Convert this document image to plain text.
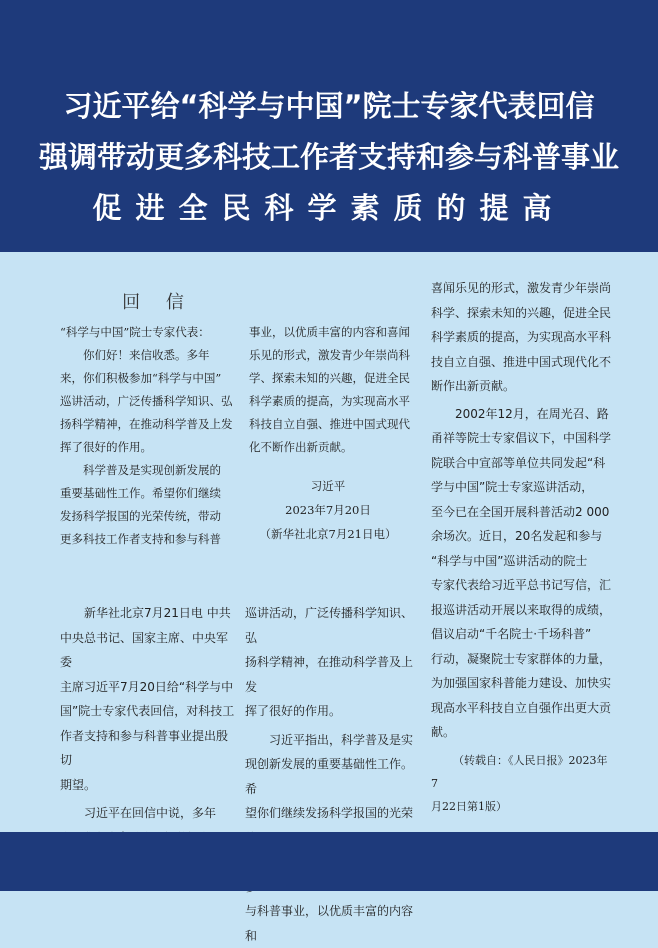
习近平给“科学与中国”院士专家代表回信
强调带动更多科技工作者支持和参与科普事业
促进全民科学素质的提高
回 信

“科学与中国”院士专家代表：

你们好！来信收悉。多年

来，你们积极参加“科学与中国”

巡讲活动，广泛传播科学知识、弘

扬科学精神，在推动科学普及上发

挥了很好的作用。

科学普及是实现创新发展的

重要基础性工作。希望你们继续

发扬科学报国的光荣传统，带动

更多科技工作者支持和参与科普

事业，以优质丰富的内容和喜闻

乐见的形式，激发青少年崇尚科

学、探索未知的兴趣，促进全民

科学素质的提高，为实现高水平

科技自立自强、推进中国式现代

化不断作出新贡献。

习近平
2023年7月20日
（新华社北京7月21日电）

新华社北京7月21日电 中共

中央总书记、国家主席、中央军委

主席习近平7月20日给“科学与中

国”院士专家代表回信，对科技工

作者支持和参与科普事业提出殷切

期望。

习近平在回信中说，多年

巡讲活动，广泛传播科学知识、弘

扬科学精神，在推动科学普及上发

挥了很好的作用。

习近平指出，科学普及是实

现创新发展的重要基础性工作。希

望你们继续发扬科学报国的光荣

与科普事业，以优质丰富的内容和

喜闻乐见的形式，激发青少年崇尚

科学、探索未知的兴趣，促进全民

科学素质的提高，为实现高水平科

技自立自强、推进中国式现代化不

断作出新贡献。

2002年12月，在周光召、路

甬祥等院士专家倡议下，中国科学

院联合中宣部等单位共同发起“科

学与中国”院士专家巡讲活动，

至今已在全国开展科普活动2 000

余场次。近日，20名发起和参与

“科学与中国”巡讲活动的院士

专家代表给习近平总书记写信，汇

报巡讲活动开展以来取得的成绩，

倡议启动“千名院士·千场科普”

行动，凝聚院士专家群体的力量，

为加强国家科普能力建设、加快实

现高水平科技自立自强作出更大贡

献。

（转载自：《人民日报》2023年7

月22日第1版）
